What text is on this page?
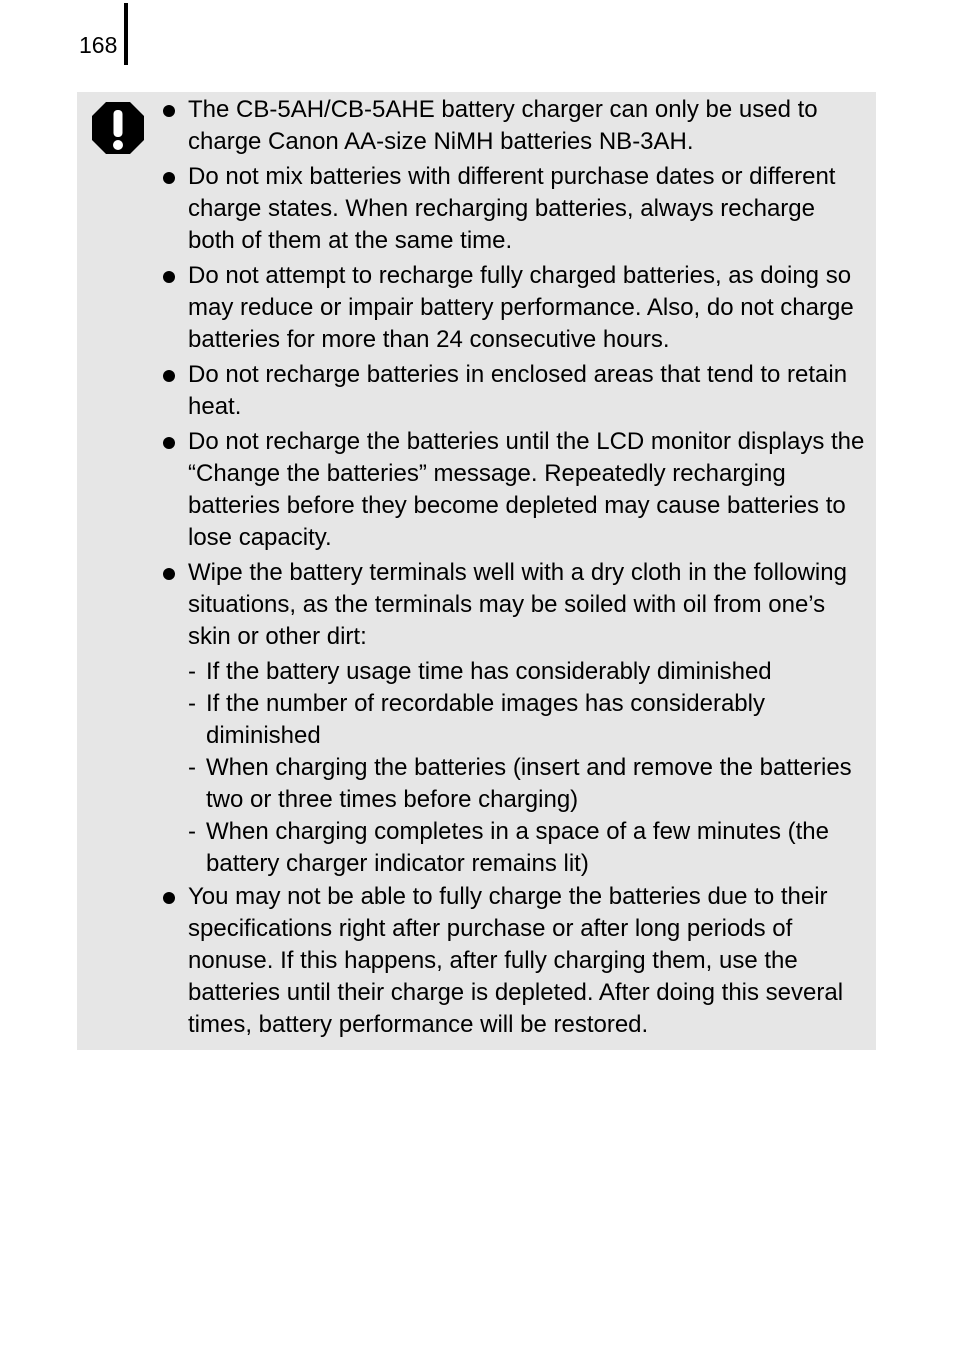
168
The CB-5AH/CB-5AHE battery charger can only be used to charge Canon AA-size NiMH batteries NB-3AH.
Do not mix batteries with different purchase dates or different charge states. When recharging batteries, always recharge both of them at the same time.
Do not attempt to recharge fully charged batteries, as doing so may reduce or impair battery performance. Also, do not charge batteries for more than 24 consecutive hours.
Do not recharge batteries in enclosed areas that tend to retain heat.
Do not recharge the batteries until the LCD monitor displays the “Change the batteries” message. Repeatedly recharging batteries before they become depleted may cause batteries to lose capacity.
Wipe the battery terminals well with a dry cloth in the following situations, as the terminals may be soiled with oil from one’s skin or other dirt:
- If the battery usage time has considerably diminished
- If the number of recordable images has considerably diminished
- When charging the batteries (insert and remove the batteries two or three times before charging)
- When charging completes in a space of a few minutes (the battery charger indicator remains lit)
You may not be able to fully charge the batteries due to their specifications right after purchase or after long periods of nonuse. If this happens, after fully charging them, use the batteries until their charge is depleted. After doing this several times, battery performance will be restored.
